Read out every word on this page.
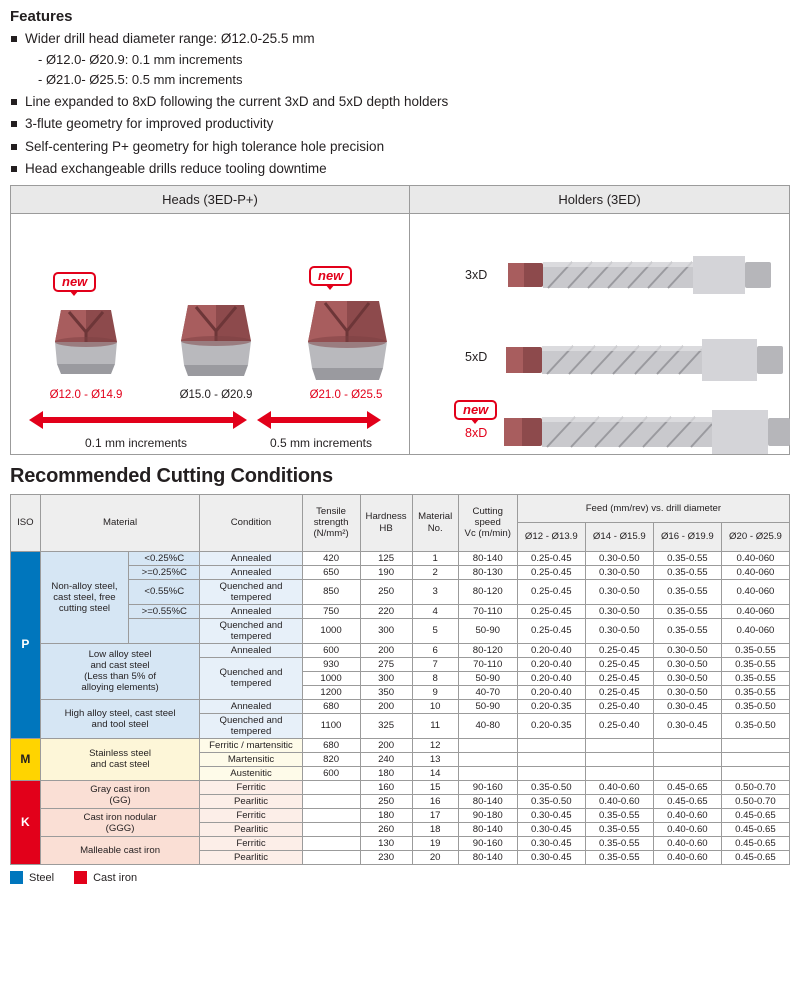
Features
Wider drill head diameter range: Ø12.0-25.5 mm
- Ø12.0- Ø20.9: 0.1 mm increments
- Ø21.0- Ø25.5: 0.5 mm increments
Line expanded to 8xD following the current 3xD and 5xD depth holders
3-flute geometry for improved productivity
Self-centering P+ geometry for high tolerance hole precision
Head exchangeable drills reduce tooling downtime
Heads (3ED-P+)
new
Ø12.0 - Ø14.9	Ø15.0 - Ø20.9
new
Ø21.0 - Ø25.5
0.1 mm increments	0.5 mm increments
Holders (3ED)
3xD
5xD
new
8xD
Recommended Cutting Conditions
ISO	Material	Condition	
Tensile
strength
(N/mm²)

Hardness
HB

Material
No.

Cutting
speed
Vc (m/min)
	Feed (mm/rev) vs. drill diameter
								Ø12 - Ø13.9	Ø14 - Ø15.9	Ø16 - Ø19.9	Ø20 - Ø25.9
P	Non-alloy steel,
cast steel, free
cutting steel	<0.25%C	Annealed	420	125	1	80-140	0.25-0.45	0.30-0.50	0.35-0.55	0.40-060
		>=0.25%C	Annealed	650	190	2	80-130	0.25-0.45	0.30-0.50	0.35-0.55	0.40-060
		<0.55%C	Quenched and tempered	850	250	3	80-120	0.25-0.45	0.30-0.50	0.35-0.55	0.40-060
		>=0.55%C	Annealed	750	220	4	70-110	0.25-0.45	0.30-0.50	0.35-0.55	0.40-060
			Quenched and tempered	1000	300	5	50-90	0.25-0.45	0.30-0.50	0.35-0.55	0.40-060

	Low alloy steel
and cast steel
(Less than 5% of
alloying elements)		Annealed	600	200	6	80-120	0.20-0.40	0.25-0.45	0.30-0.50	0.35-0.55

			Quenched and
tempered	930	275	7	70-110	0.20-0.40	0.25-0.45	0.30-0.50	0.35-0.55
				1000	300	8	50-90	0.20-0.40	0.25-0.45	0.30-0.50	0.35-0.55
				1200	350	9	40-70	0.20-0.40	0.25-0.45	0.30-0.50	0.35-0.55

	High alloy steel, cast steel
and tool steel		Annealed	680	200	10	50-90	0.20-0.35	0.25-0.40	0.30-0.45	0.35-0.50
			Quenched and tempered	1100	325	11	40-80	0.20-0.35	0.25-0.40	0.30-0.45	0.35-0.50
M	Stainless steel
and cast steel		Ferritic / martensitic	680	200	12					
			Martensitic	820	240	13					
			Austenitic	600	180	14					
K	Gray cast iron
(GG)		Ferritic		160	15	90-160	0.35-0.50	0.40-0.60	0.45-0.65	0.50-0.70
			Pearlitic		250	16	80-140	0.35-0.50	0.40-0.60	0.45-0.65	0.50-0.70

	Cast iron nodular
(GGG)		Ferritic		180	17	90-180	0.30-0.45	0.35-0.55	0.40-0.60	0.45-0.65
			Pearlitic		260	18	80-140	0.30-0.45	0.35-0.55	0.40-0.60	0.45-0.65

	Malleable cast iron		Ferritic		130	19	90-160	0.30-0.45	0.35-0.55	0.40-0.60	0.45-0.65
			Pearlitic		230	20	80-140	0.30-0.45	0.35-0.55	0.40-0.60	0.45-0.65
Steel	Cast iron
